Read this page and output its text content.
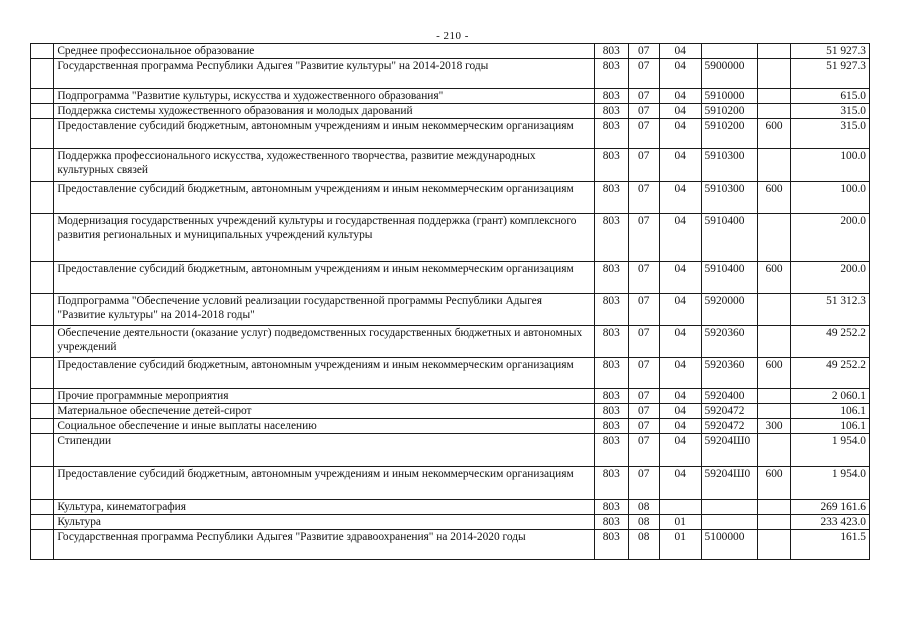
- 210 -
	Среднее профессиональное образование	803	07	04			51 927.3
	Государственная программа Республики Адыгея "Развитие культуры" на 2014-2018 годы	803	07	04	5900000		51 927.3
	Подпрограмма "Развитие культуры, искусства и художественного образования"	803	07	04	5910000		615.0
	Поддержка системы художественного образования и молодых дарований	803	07	04	5910200		315.0
	Предоставление субсидий бюджетным, автономным учреждениям и иным некоммерческим организациям	803	07	04	5910200	600	315.0
	Поддержка профессионального искусства, художественного творчества, развитие международных культурных связей	803	07	04	5910300		100.0
	Предоставление субсидий бюджетным, автономным учреждениям и иным некоммерческим организациям	803	07	04	5910300	600	100.0
	Модернизация государственных учреждений культуры и государственная поддержка (грант) комплексного развития региональных и муниципальных учреждений культуры	803	07	04	5910400		200.0
	Предоставление субсидий бюджетным, автономным учреждениям и иным некоммерческим организациям	803	07	04	5910400	600	200.0
	Подпрограмма "Обеспечение условий реализации государственной программы Республики Адыгея "Развитие культуры" на 2014-2018 годы"	803	07	04	5920000		51 312.3
	Обеспечение деятельности (оказание услуг) подведомственных государственных бюджетных и автономных учреждений	803	07	04	5920360		49 252.2
	Предоставление субсидий бюджетным, автономным учреждениям и иным некоммерческим организациям	803	07	04	5920360	600	49 252.2
	Прочие программные мероприятия	803	07	04	5920400		2 060.1
	Материальное обеспечение детей-сирот	803	07	04	5920472		106.1
	Социальное обеспечение и иные выплаты населению	803	07	04	5920472	300	106.1
	Стипендии	803	07	04	59204Ш0		1 954.0
	Предоставление субсидий бюджетным, автономным учреждениям и иным некоммерческим организациям	803	07	04	59204Ш0	600	1 954.0
	Культура, кинематография	803	08				269 161.6
	Культура	803	08	01			233 423.0
	Государственная программа Республики Адыгея "Развитие здравоохранения" на 2014-2020 годы	803	08	01	5100000		161.5
